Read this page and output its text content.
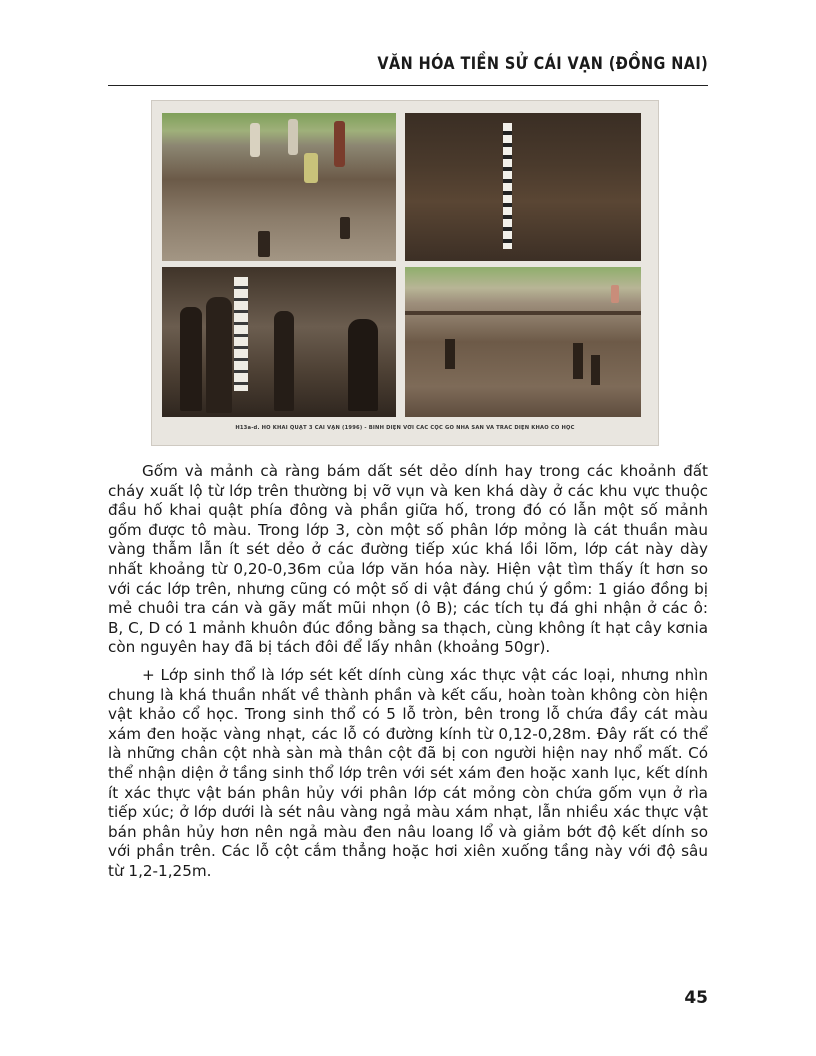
VĂN HÓA TIỀN SỬ CÁI VẠN (ĐỒNG NAI)
H13a-d. HỐ KHAI QUẬT 3 CÁI VẠN (1996) - BÌNH DIỆN VỚI CÁC CỌC GỖ NHÀ SÀN VÀ TRẮC DIỆN KHẢO CỔ HỌC

Gốm và mảnh cà ràng bám dất sét dẻo dính hay trong các khoảnh đất cháy xuất lộ từ lớp trên thường bị vỡ vụn và ken khá dày ở các khu vực thuộc đầu hố khai quật phía đông và phần giữa hố, trong đó có lẫn một số mảnh gốm được tô màu. Trong lớp 3, còn một số phân lớp mỏng là cát thuần màu vàng thẫm lẫn ít sét dẻo ở các đường tiếp xúc khá lồi lõm, lớp cát này dày nhất khoảng từ 0,20-0,36m của lớp văn hóa này. Hiện vật tìm thấy ít hơn so với các lớp trên, nhưng cũng có một số di vật đáng chú ý gồm: 1 giáo đồng bị mẻ chuôi tra cán và gãy mất mũi nhọn (ô B); các tích tụ đá ghi nhận ở các ô: B, C, D có 1 mảnh khuôn đúc đồng bằng sa thạch, cùng không ít hạt cây kơnia còn nguyên hay đã bị tách đôi để lấy nhân (khoảng 50gr).

+ Lớp sinh thổ là lớp sét kết dính cùng xác thực vật các loại, nhưng nhìn chung là khá thuần nhất về thành phần và kết cấu, hoàn toàn không còn hiện vật khảo cổ học. Trong sinh thổ có 5 lỗ tròn, bên trong lỗ chứa đầy cát màu xám đen hoặc vàng nhạt, các lỗ có đường kính từ 0,12-0,28m. Đây rất có thể là những chân cột nhà sàn mà thân cột đã bị con người hiện nay nhổ mất. Có thể nhận diện ở tầng sinh thổ lớp trên với sét xám đen hoặc xanh lục, kết dính ít xác thực vật bán phân hủy với phân lớp cát mỏng còn chứa gốm vụn ở rìa tiếp xúc; ở lớp dưới là sét nâu vàng ngả màu xám nhạt, lẫn nhiều xác thực vật bán phân hủy hơn nên ngả màu đen nâu loang lổ và giảm bớt độ kết dính so với phần trên. Các lỗ cột cắm thẳng hoặc hơi xiên xuống tầng này với độ sâu từ 1,2-1,25m.

45
